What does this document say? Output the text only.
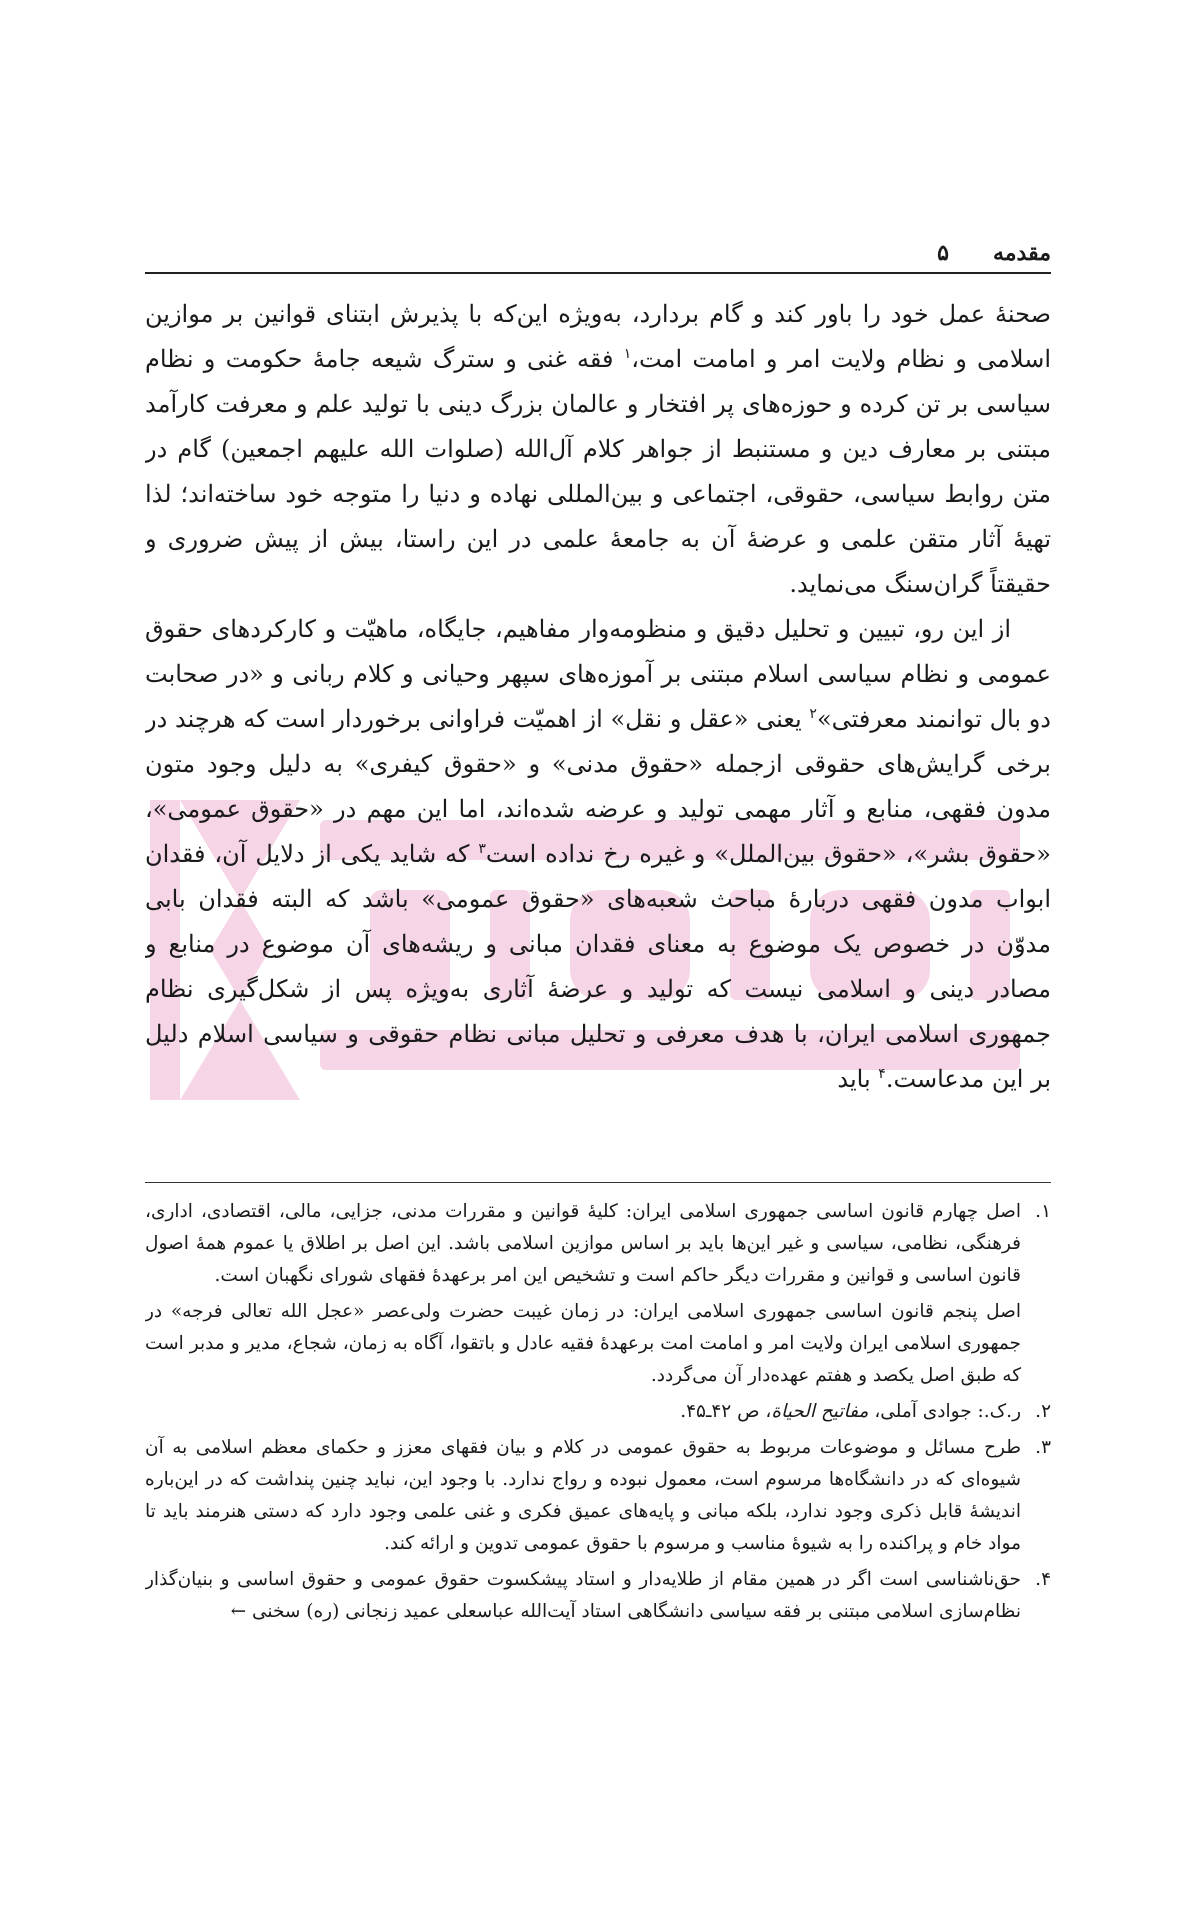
مقدمه
۵

صحنهٔ عمل خود را باور کند و گام بردارد، به‌ویژه این‌که با پذیرش ابتنای قوانین بر موازین اسلامی و نظام ولایت امر و امامت امت،$^۱$ فقه غنی و سترگ شیعه جامهٔ حکومت و نظام سیاسی بر تن کرده و حوزه‌های پر افتخار و عالمان بزرگ دینی با تولید علم و معرفت کارآمد مبتنی بر معارف دین و مستنبط از جواهر کلام آل‌الله (صلوات الله علیهم اجمعین) گام در متن روابط سیاسی، حقوقی، اجتماعی و بین‌المللی نهاده و دنیا را متوجه خود ساخته‌اند؛ لذا تهیهٔ آثار متقن علمی و عرضهٔ آن به جامعهٔ علمی در این راستا، بیش از پیش ضروری و حقیقتاً گران‌سنگ می‌نماید.

از این رو، تبیین و تحلیل دقیق و منظومه‌وار مفاهیم، جایگاه، ماهیّت و کارکردهای حقوق عمومی و نظام سیاسی اسلام مبتنی بر آموزه‌های سپهر وحیانی و کلام ربانی و «در صحابت دو بال توانمند معرفتی»$^۲$ یعنی «عقل و نقل» از اهمیّت فراوانی برخوردار است که هرچند در برخی گرایش‌های حقوقی ازجمله «حقوق مدنی» و «حقوق کیفری» به دلیل وجود متون مدون فقهی، منابع و آثار مهمی تولید و عرضه شده‌اند، اما این مهم در «حقوق عمومی»، «حقوق بشر»، «حقوق بین‌الملل» و غیره رخ نداده است$^۳$ که شاید یکی از دلایل آن، فقدان ابواب مدون فقهی دربارهٔ مباحث شعبه‌های «حقوق عمومی» باشد که البته فقدان بابی مدوّن در خصوص یک موضوع به معنای فقدان مبانی و ریشه‌های آن موضوع در منابع و مصادر دینی و اسلامی نیست که تولید و عرضهٔ آثاری به‌ویژه پس از شکل‌گیری نظام جمهوری اسلامی ایران، با هدف معرفی و تحلیل مبانی نظام حقوقی و سیاسی اسلام دلیل بر این مدعاست.$^۴$ باید

۱.

اصل چهارم قانون اساسی جمهوری اسلامی ایران: کلیهٔ قوانین و مقررات مدنی، جزایی، مالی، اقتصادی، اداری، فرهنگی، نظامی، سیاسی و غیر این‌ها باید بر اساس موازین اسلامی باشد. این اصل بر اطلاق یا عموم همهٔ اصول قانون اساسی و قوانین و مقررات دیگر حاکم است و تشخیص این امر برعهدهٔ فقهای شورای نگهبان است.

اصل پنجم قانون اساسی جمهوری اسلامی ایران: در زمان غیبت حضرت ولی‌عصر «عجل الله تعالی فرجه» در جمهوری اسلامی ایران ولایت امر و امامت امت برعهدهٔ فقیه عادل و باتقوا، آگاه به زمان، شجاع، مدیر و مدبر است که طبق اصل یکصد و هفتم عهده‌دار آن می‌گردد.

۲.

ر.ک.: جوادی آملی، مفاتیح الحیاة، ص ۴۲ـ۴۵.

۳.

طرح مسائل و موضوعات مربوط به حقوق عمومی در کلام و بیان فقهای معزز و حکمای معظم اسلامی به آن شیوه‌ای که در دانشگاه‌ها مرسوم است، معمول نبوده و رواج ندارد. با وجود این، نباید چنین پنداشت که در این‌باره اندیشهٔ قابل ذکری وجود ندارد، بلکه مبانی و پایه‌های عمیق فکری و غنی علمی وجود دارد که دستی هنرمند باید تا مواد خام و پراکنده را به شیوهٔ مناسب و مرسوم با حقوق عمومی تدوین و ارائه کند.

۴.

حق‌ناشناسی است اگر در همین مقام از طلایه‌دار و استاد پیشکسوت حقوق عمومی و حقوق اساسی و بنیان‌گذار نظام‌سازی اسلامی مبتنی بر فقه سیاسی دانشگاهی استاد آیت‌الله عباسعلی عمید زنجانی (ره) سخنی ←
